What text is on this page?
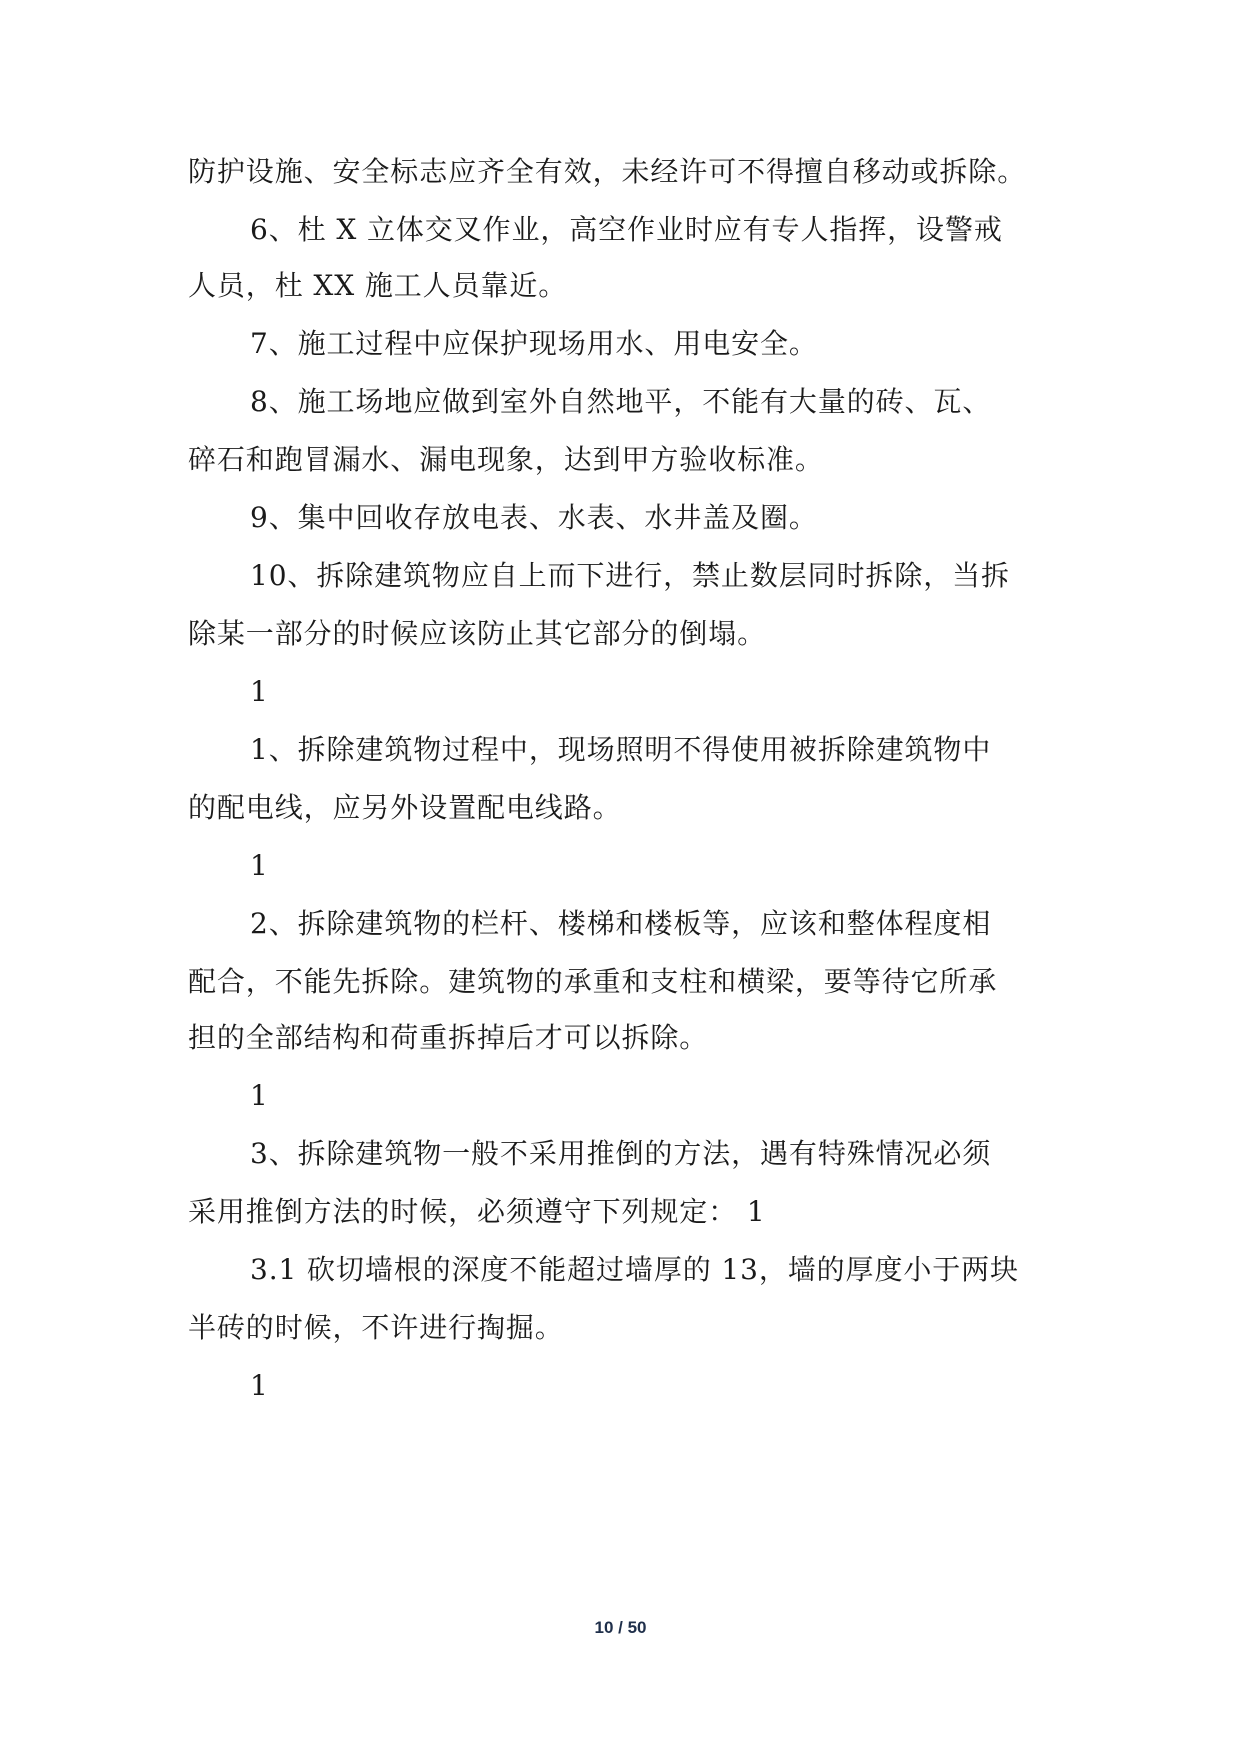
防护设施、安全标志应齐全有效，未经许可不得擅自移动或拆除。
6、杜 X 立体交叉作业，高空作业时应有专人指挥，设警戒
人员，杜 XX 施工人员靠近。
7、施工过程中应保护现场用水、用电安全。
8、施工场地应做到室外自然地平，不能有大量的砖、瓦、
碎石和跑冒漏水、漏电现象，达到甲方验收标准。
9、集中回收存放电表、水表、水井盖及圈。
10、拆除建筑物应自上而下进行，禁止数层同时拆除，当拆
除某一部分的时候应该防止其它部分的倒塌。
1
1、拆除建筑物过程中，现场照明不得使用被拆除建筑物中
的配电线，应另外设置配电线路。
1
2、拆除建筑物的栏杆、楼梯和楼板等，应该和整体程度相
配合，不能先拆除。建筑物的承重和支柱和横梁，要等待它所承
担的全部结构和荷重拆掉后才可以拆除。
1
3、拆除建筑物一般不采用推倒的方法，遇有特殊情况必须
采用推倒方法的时候，必须遵守下列规定： 1
3.1 砍切墙根的深度不能超过墙厚的 13，墙的厚度小于两块
半砖的时候，不许进行掏掘。
1
10 / 50
